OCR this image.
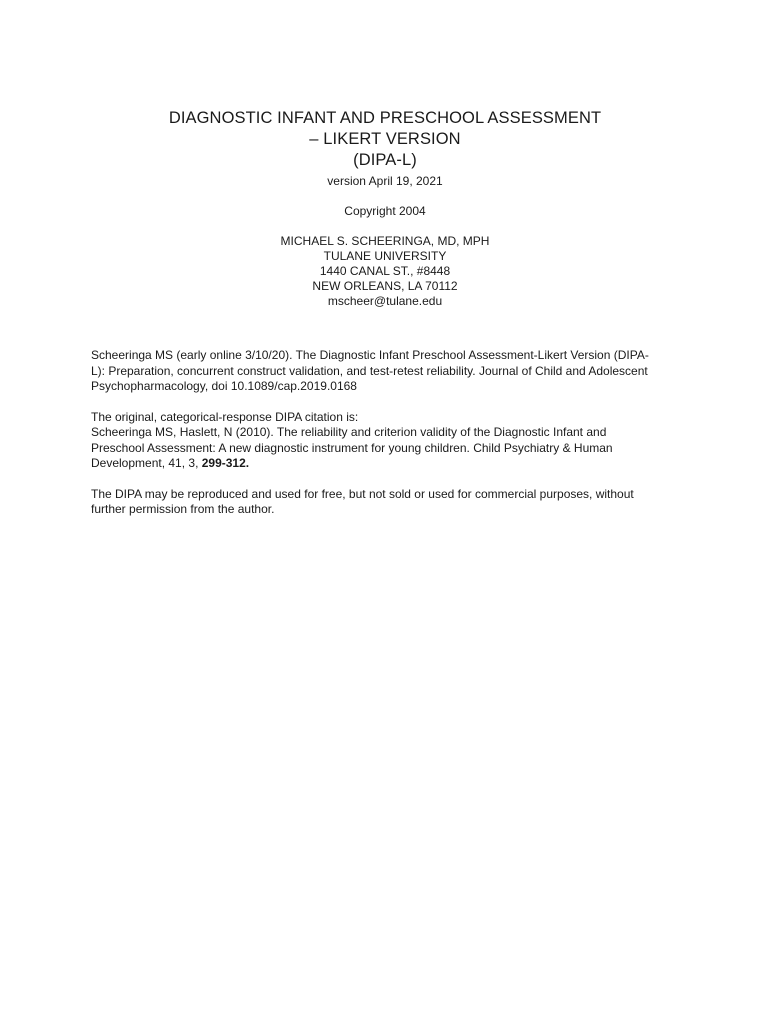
DIAGNOSTIC INFANT AND PRESCHOOL ASSESSMENT
– LIKERT VERSION
(DIPA-L)
version April 19, 2021
Copyright 2004
MICHAEL S. SCHEERINGA, MD, MPH
TULANE UNIVERSITY
1440 CANAL ST., #8448
NEW ORLEANS, LA 70112
mscheer@tulane.edu
Scheeringa MS (early online 3/10/20). The Diagnostic Infant Preschool Assessment-Likert Version (DIPA-
L): Preparation, concurrent construct validation, and test-retest reliability. Journal of Child and Adolescent
Psychopharmacology, doi 10.1089/cap.2019.0168
The original, categorical-response DIPA citation is:
Scheeringa MS, Haslett, N (2010). The reliability and criterion validity of the Diagnostic Infant and
Preschool Assessment: A new diagnostic instrument for young children. Child Psychiatry & Human
Development, 41, 3, 299-312.
The DIPA may be reproduced and used for free, but not sold or used for commercial purposes, without
further permission from the author.
